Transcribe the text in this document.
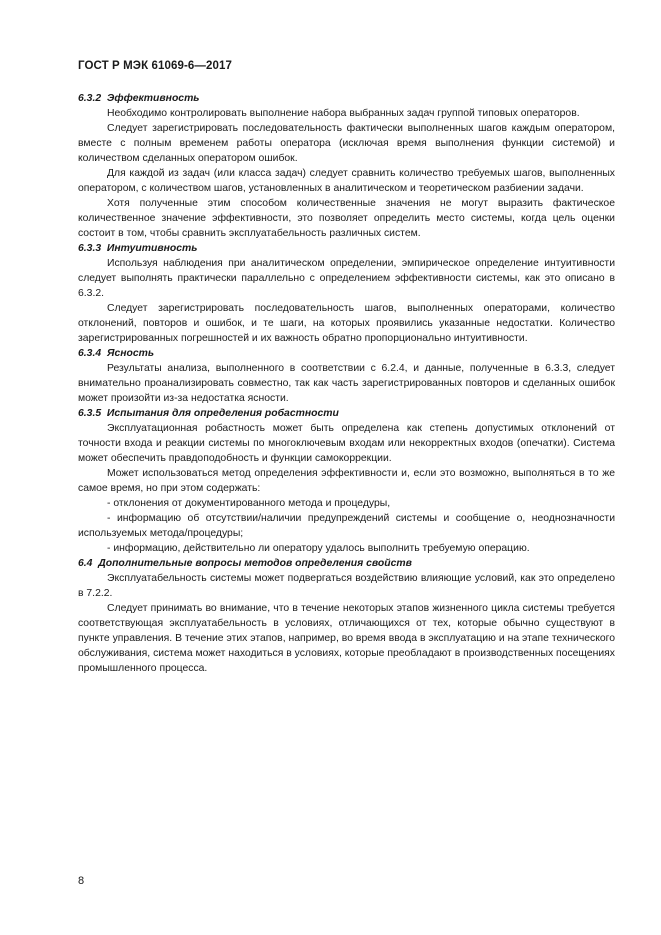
ГОСТ Р МЭК 61069-6—2017

6.3.2 Эффективность

Необходимо контролировать выполнение набора выбранных задач группой типовых операторов.

Следует зарегистрировать последовательность фактически выполненных шагов каждым оператором, вместе с полным временем работы оператора (исключая время выполнения функции системой) и количеством сделанных оператором ошибок.

Для каждой из задач (или класса задач) следует сравнить количество требуемых шагов, выполненных оператором, с количеством шагов, установленных в аналитическом и теоретическом разбиении задачи.

Хотя полученные этим способом количественные значения не могут выразить фактическое количественное значение эффективности, это позволяет определить место системы, когда цель оценки состоит в том, чтобы сравнить эксплуатабельность различных систем.

6.3.3 Интуитивность

Используя наблюдения при аналитическом определении, эмпирическое определение интуитивности следует выполнять практически параллельно с определением эффективности системы, как это описано в 6.3.2.

Следует зарегистрировать последовательность шагов, выполненных операторами, количество отклонений, повторов и ошибок, и те шаги, на которых проявились указанные недостатки. Количество зарегистрированных погрешностей и их важность обратно пропорционально интуитивности.

6.3.4 Ясность

Результаты анализа, выполненного в соответствии с 6.2.4, и данные, полученные в 6.3.3, следует внимательно проанализировать совместно, так как часть зарегистрированных повторов и сделанных ошибок может произойти из-за недостатка ясности.

6.3.5 Испытания для определения робастности

Эксплуатационная робастность может быть определена как степень допустимых отклонений от точности входа и реакции системы по многоключевым входам или некорректных входов (опечатки). Система может обеспечить правдоподобность и функции самокоррекции.

Может использоваться метод определения эффективности и, если это возможно, выполняться в то же самое время, но при этом содержать:

- отклонения от документированного метода и процедуры,

- информацию об отсутствии/наличии предупреждений системы и сообщение о, неоднозначности используемых метода/процедуры;

- информацию, действительно ли оператору удалось выполнить требуемую операцию.

6.4 Дополнительные вопросы методов определения свойств

Эксплуатабельность системы может подвергаться воздействию влияющие условий, как это определено в 7.2.2.

Следует принимать во внимание, что в течение некоторых этапов жизненного цикла системы требуется соответствующая эксплуатабельность в условиях, отличающихся от тех, которые обычно существуют в пункте управления. В течение этих этапов, например, во время ввода в эксплуатацию и на этапе технического обслуживания, система может находиться в условиях, которые преобладают в производственных посещениях промышленного процесса.

8
